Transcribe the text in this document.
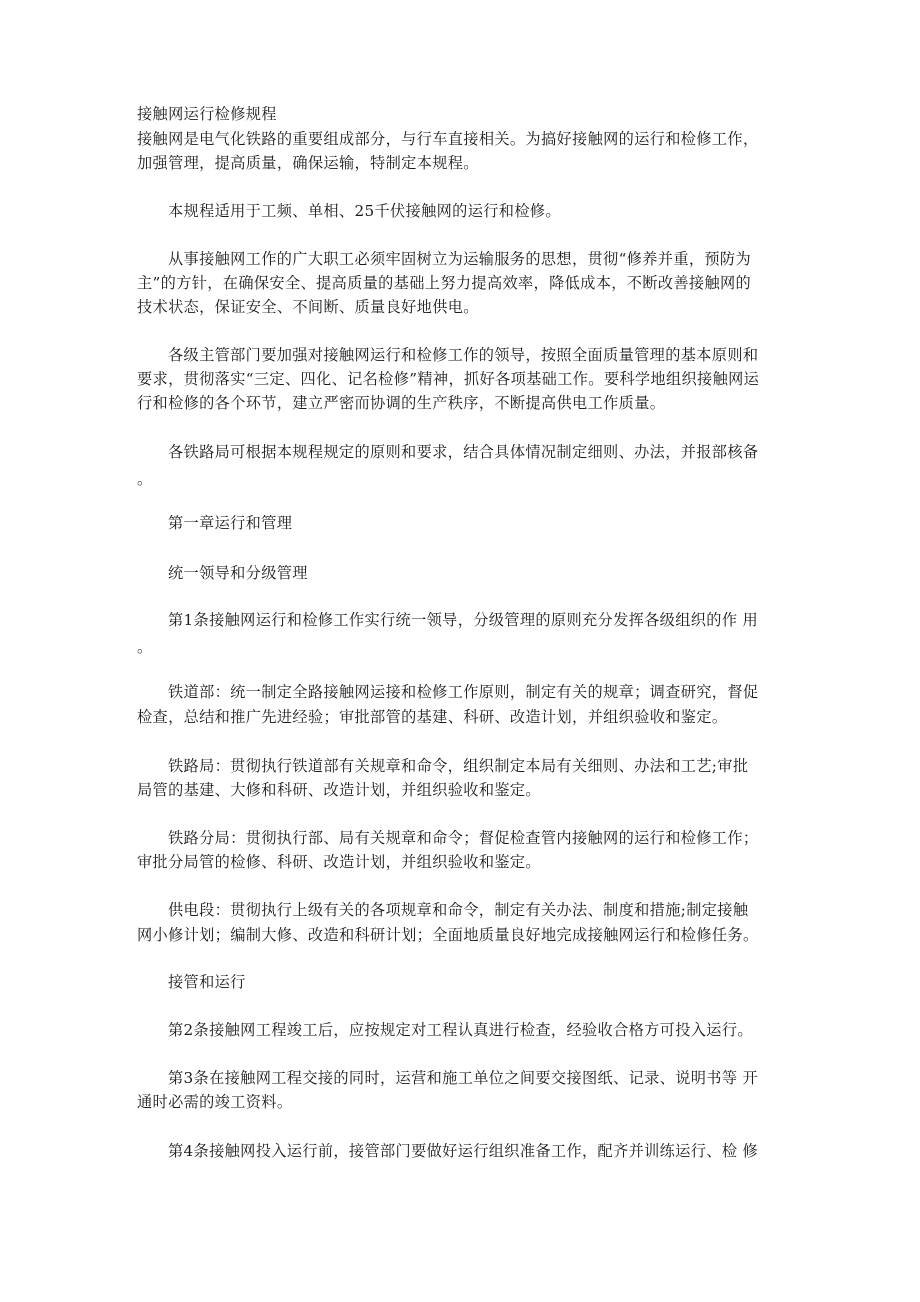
接触网运行检修规程
接触网是电气化铁路的重要组成部分，与行车直接相关。为搞好接触网的运行和检修工作，
加强管理，提高质量，确保运输，特制定本规程。
本规程适用于工频、单相、25千伏接触网的运行和检修。
从事接触网工作的广大职工必须牢固树立为运输服务的思想，贯彻“修养并重，预防为
主”的方针，在确保安全、提高质量的基础上努力提高效率，降低成本，不断改善接触网的
技术状态，保证安全、不间断、质量良好地供电。
各级主管部门要加强对接触网运行和检修工作的领导，按照全面质量管理的基本原则和
要求，贯彻落实“三定、四化、记名检修”精神，抓好各项基础工作。要科学地组织接触网运
行和检修的各个环节，建立严密而协调的生产秩序，不断提高供电工作质量。
各铁路局可根据本规程规定的原则和要求，结合具体情况制定细则、办法，并报部核备
。
第一章运行和管理
统一领导和分级管理
第1条接触网运行和检修工作实行统一领导，分级管理的原则充分发挥各级组织的作 用
。
铁道部：统一制定全路接触网运接和检修工作原则，制定有关的规章；调查研究，督促
检查，总结和推广先进经验；审批部管的基建、科研、改造计划，并组织验收和鉴定。
铁路局：贯彻执行铁道部有关规章和命令，组织制定本局有关细则、办法和工艺;审批
局管的基建、大修和科研、改造计划，并组织验收和鉴定。
铁路分局：贯彻执行部、局有关规章和命令；督促检查管内接触网的运行和检修工作；
审批分局管的检修、科研、改造计划，并组织验收和鉴定。
供电段：贯彻执行上级有关的各项规章和命令，制定有关办法、制度和措施;制定接触
网小修计划；编制大修、改造和科研计划；全面地质量良好地完成接触网运行和检修任务。
接管和运行
第2条接触网工程竣工后，应按规定对工程认真进行检查，经验收合格方可投入运行。
第3条在接触网工程交接的同时，运营和施工单位之间要交接图纸、记录、说明书等 开
通时必需的竣工资料。
第4条接触网投入运行前，接管部门要做好运行组织准备工作，配齐并训练运行、检 修
